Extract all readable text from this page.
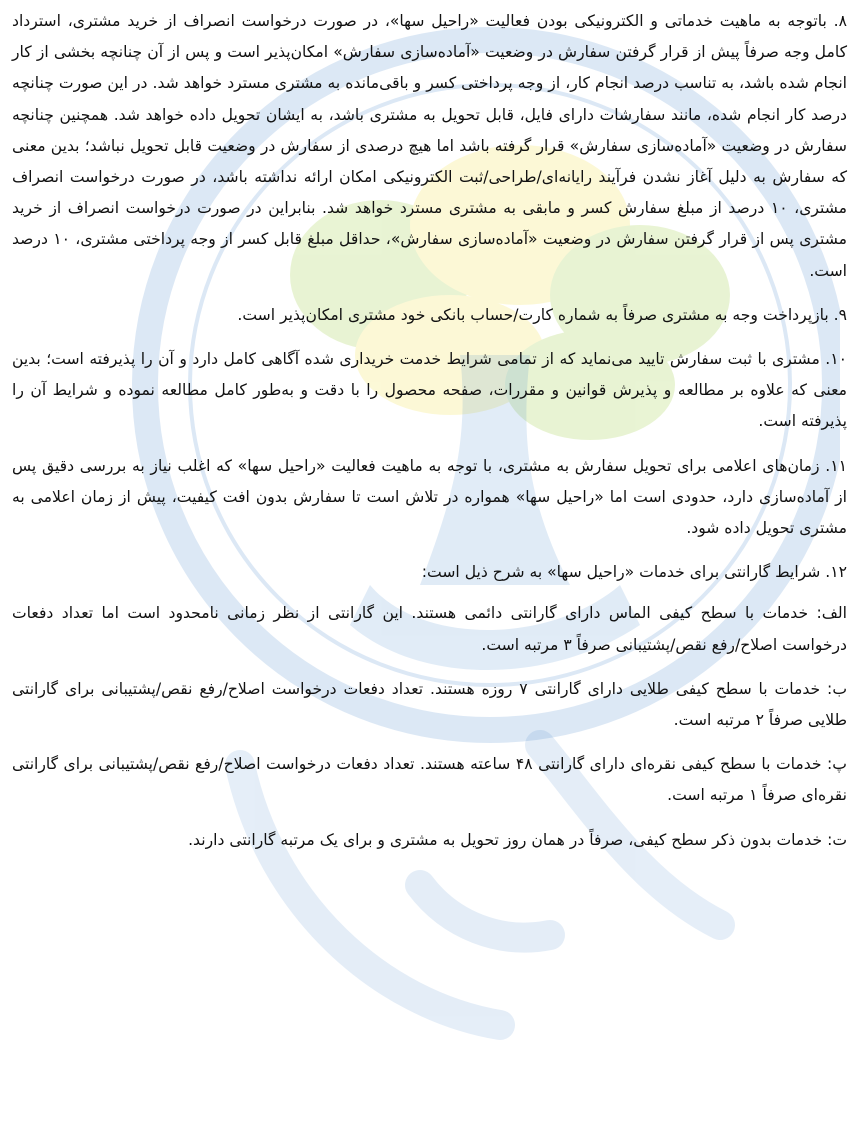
۸. باتوجه به ماهیت خدماتی و الکترونیکی بودن فعالیت «راحیل سها»، در صورت درخواست انصراف از خرید مشتری، استرداد کامل وجه صرفاً پیش از قرار گرفتن سفارش در وضعیت «آماده‌سازی سفارش» امکان‌پذیر است و پس از آن چنانچه بخشی از کار انجام شده باشد، به تناسب درصد انجام کار، از وجه پرداختی کسر و باقی‌مانده به مشتری مسترد خواهد شد. در این صورت چنانچه درصد کار انجام شده، مانند سفارشات دارای فایل، قابل تحویل به مشتری باشد، به ایشان تحویل داده خواهد شد. همچنین چنانچه سفارش در وضعیت «آماده‌سازی سفارش» قرار گرفته باشد اما هیچ درصدی از سفارش در وضعیت قابل تحویل نباشد؛ بدین معنی که سفارش به دلیل آغاز نشدن فرآیند رایانه‌ای/طراحی/ثبت الکترونیکی امکان ارائه نداشته باشد، در صورت درخواست انصراف مشتری، ۱۰ درصد از مبلغ سفارش کسر و مابقی به مشتری مسترد خواهد شد. بنابراین در صورت درخواست انصراف از خرید مشتری پس از قرار گرفتن سفارش در وضعیت «آماده‌سازی سفارش»، حداقل مبلغ قابل کسر از وجه پرداختی مشتری، ۱۰ درصد است.

۹. بازپرداخت وجه به مشتری صرفاً به شماره کارت/حساب بانکی خود مشتری امکان‌پذیر است.

۱۰. مشتری با ثبت سفارش تایید می‌نماید که از تمامی شرایط خدمت خریداری شده آگاهی کامل دارد و آن را پذیرفته است؛ بدین معنی که علاوه بر مطالعه و پذیرش قوانین و مقررات، صفحه محصول را با دقت و به‌طور کامل مطالعه نموده و شرایط آن را پذیرفته است.

۱۱. زمان‌های اعلامی برای تحویل سفارش به مشتری، با توجه به ماهیت فعالیت «راحیل سها» که اغلب نیاز به بررسی دقیق پس از آماده‌سازی دارد، حدودی است اما «راحیل سها» همواره در تلاش است تا سفارش بدون افت کیفیت، پیش از زمان اعلامی به مشتری تحویل داده شود.

۱۲. شرایط گارانتی برای خدمات «راحیل سها» به شرح ذیل است:

الف: خدمات با سطح کیفی الماس دارای گارانتی دائمی هستند. این گارانتی از نظر زمانی نامحدود است اما تعداد دفعات درخواست اصلاح/رفع نقص/پشتیبانی صرفاً ۳ مرتبه است.

ب: خدمات با سطح کیفی طلایی دارای گارانتی ۷ روزه هستند. تعداد دفعات درخواست اصلاح/رفع نقص/پشتیبانی برای گارانتی طلایی صرفاً ۲ مرتبه است.

پ: خدمات با سطح کیفی نقره‌ای دارای گارانتی ۴۸ ساعته هستند. تعداد دفعات درخواست اصلاح/رفع نقص/پشتیبانی برای گارانتی نقره‌ای صرفاً ۱ مرتبه است.

ت: خدمات بدون ذکر سطح کیفی، صرفاً در همان روز تحویل به مشتری و برای یک مرتبه گارانتی دارند.
